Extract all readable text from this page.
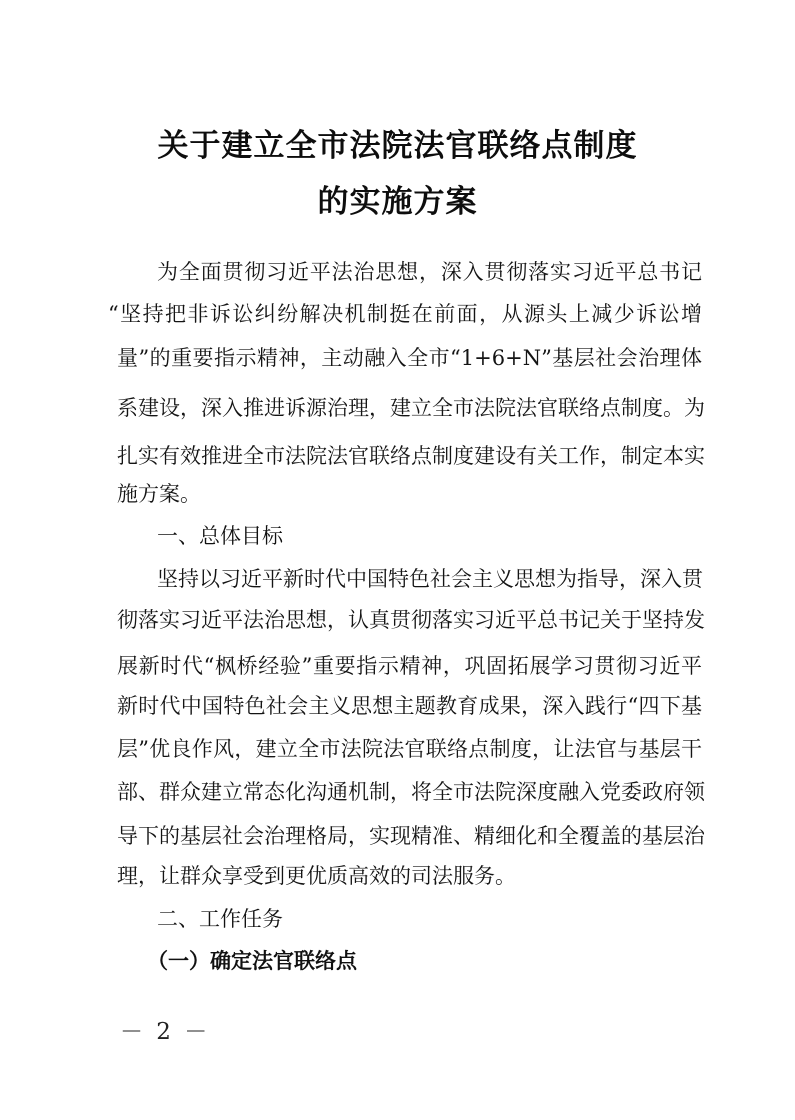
关于建立全市法院法官联络点制度
的实施方案
为全面贯彻习近平法治思想，深入贯彻落实习近平总书记
“坚持把非诉讼纠纷解决机制挺在前面，从源头上减少诉讼增
量”的重要指示精神，主动融入全市“1+6+N”基层社会治理体
系建设，深入推进诉源治理，建立全市法院法官联络点制度。为
扎实有效推进全市法院法官联络点制度建设有关工作，制定本实
施方案。
一、总体目标
坚持以习近平新时代中国特色社会主义思想为指导，深入贯
彻落实习近平法治思想，认真贯彻落实习近平总书记关于坚持发
展新时代“枫桥经验”重要指示精神，巩固拓展学习贯彻习近平
新时代中国特色社会主义思想主题教育成果，深入践行“四下基
层”优良作风，建立全市法院法官联络点制度，让法官与基层干
部、群众建立常态化沟通机制，将全市法院深度融入党委政府领
导下的基层社会治理格局，实现精准、精细化和全覆盖的基层治
理，让群众享受到更优质高效的司法服务。
二、工作任务
（一）确定法官联络点
－ 2 －
